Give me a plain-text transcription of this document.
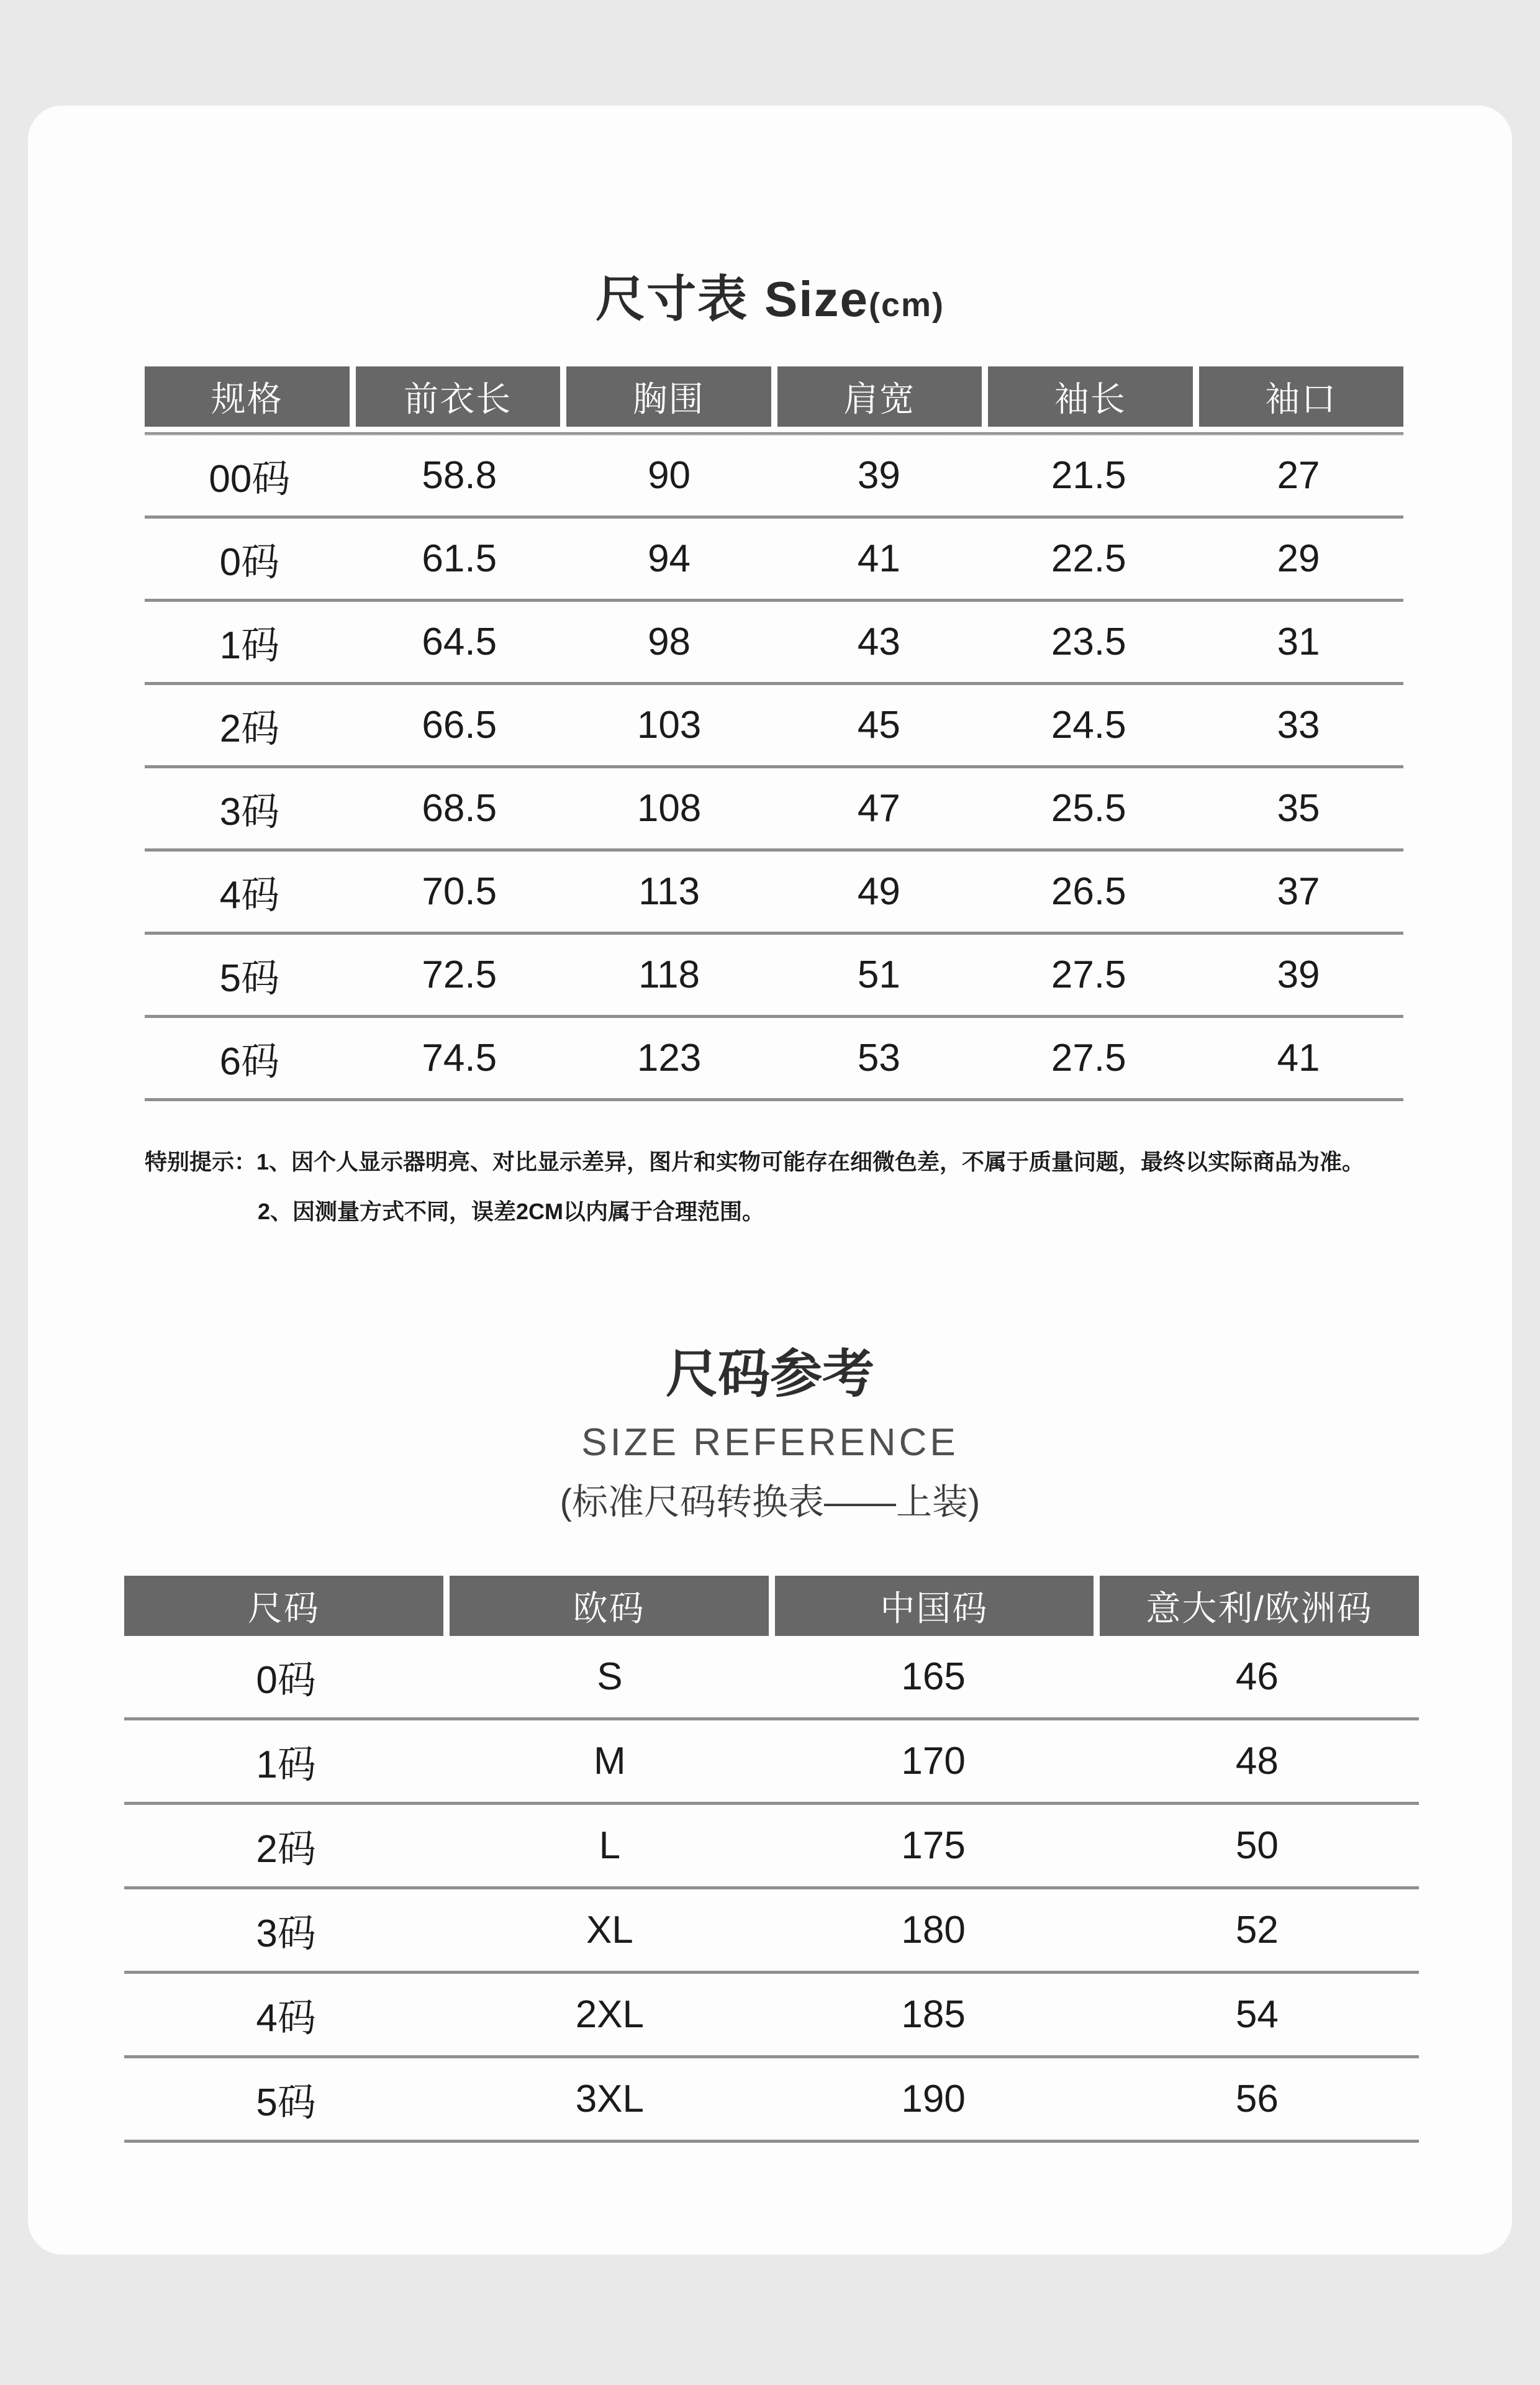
尺寸表 Size(cm)
规格	前衣长	胸围	肩宽	袖长	袖口
00码	58.8	90	39	21.5	27
0码	61.5	94	41	22.5	29
1码	64.5	98	43	23.5	31
2码	66.5	103	45	24.5	33
3码	68.5	108	47	25.5	35
4码	70.5	113	49	26.5	37
5码	72.5	118	51	27.5	39
6码	74.5	123	53	27.5	41
特别提示：1、因个人显示器明亮、对比显示差异，图片和实物可能存在细微色差，不属于质量问题，最终以实际商品为准。
2、因测量方式不同，误差2CM以内属于合理范围。
尺码参考
SIZE REFERENCE
(标准尺码转换表——上装)
尺码	欧码	中国码	意大利/欧洲码
0码	S	165	46
1码	M	170	48
2码	L	175	50
3码	XL	180	52
4码	2XL	185	54
5码	3XL	190	56
